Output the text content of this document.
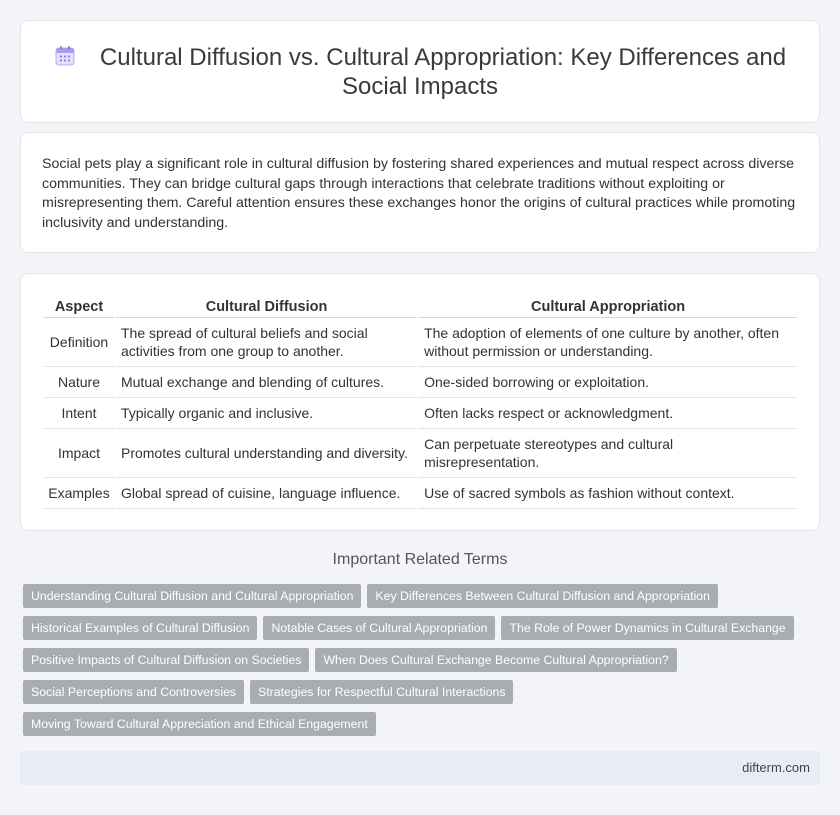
Cultural Diffusion vs. Cultural Appropriation: Key Differences and Social Impacts

Social pets play a significant role in cultural diffusion by fostering shared experiences and mutual respect across diverse communities. They can bridge cultural gaps through interactions that celebrate traditions without exploiting or misrepresenting them. Careful attention ensures these exchanges honor the origins of cultural practices while promoting inclusivity and understanding.

Aspect	Cultural Diffusion	Cultural Appropriation
Definition	The spread of cultural beliefs and social activities from one group to another.	The adoption of elements of one culture by another, often without permission or understanding.
Nature	Mutual exchange and blending of cultures.	One-sided borrowing or exploitation.
Intent	Typically organic and inclusive.	Often lacks respect or acknowledgment.
Impact	Promotes cultural understanding and diversity.	Can perpetuate stereotypes and cultural misrepresentation.
Examples	Global spread of cuisine, language influence.	Use of sacred symbols as fashion without context.
Important Related Terms
Understanding Cultural Diffusion and Cultural Appropriation Key Differences Between Cultural Diffusion and Appropriation
Historical Examples of Cultural Diffusion Notable Cases of Cultural Appropriation The Role of Power Dynamics in Cultural Exchange
Positive Impacts of Cultural Diffusion on Societies When Does Cultural Exchange Become Cultural Appropriation?
Social Perceptions and Controversies Strategies for Respectful Cultural Interactions
Moving Toward Cultural Appreciation and Ethical Engagement
difterm.com
